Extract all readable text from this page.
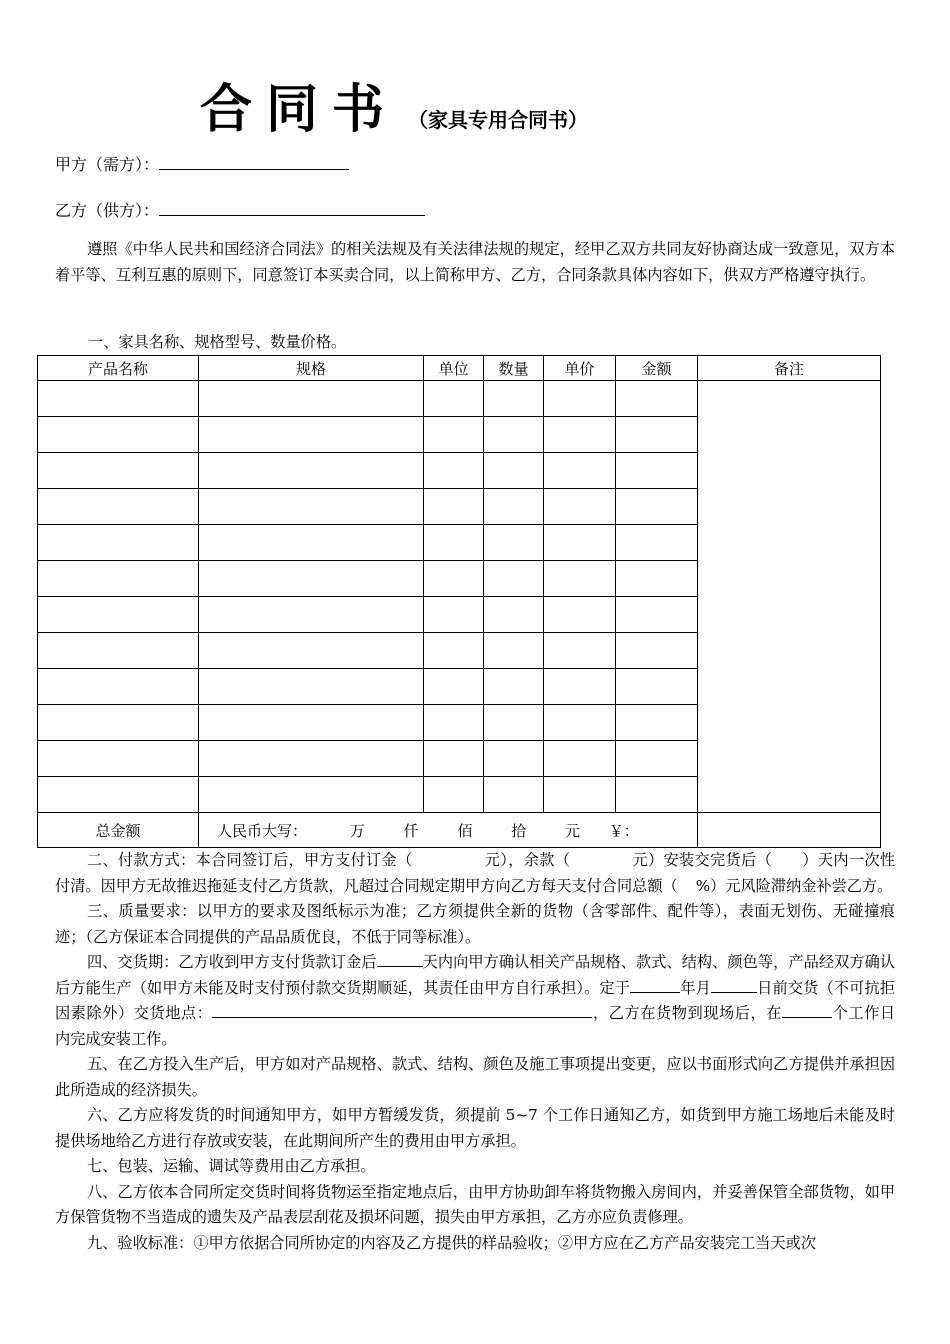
合同书 （家具专用合同书）
甲方（需方）：
乙方（供方）：
遵照《中华人民共和国经济合同法》的相关法规及有关法律法规的规定，经甲乙双方共同友好协商达成一致意见，双方本着平等、互利互惠的原则下，同意签订本买卖合同，以上简称甲方、乙方，合同条款具体内容如下，供双方严格遵守执行。
一、家具名称、规格型号、数量价格。
产品名称	规格	单位	数量	单价	金额	备注

总金额	人民币大写： 万 仟 佰 拾 元 ￥：					

二、付款方式：本合同签订后，甲方支付订金（	元），余款（	元）安装交完货后（ ）天内一次性付清。因甲方无故推迟拖延支付乙方货款，凡超过合同规定期甲方向乙方每天支付合同总额（ %）元风险滞纳金补尝乙方。

三、质量要求：以甲方的要求及图纸标示为准；乙方须提供全新的货物（含零部件、配件等），表面无划伤、无碰撞痕迹；（乙方保证本合同提供的产品品质优良，不低于同等标准）。

四、交货期：乙方收到甲方支付货款订金后	天内向甲方确认相关产品规格、款式、结构、颜色等，产品经双方确认后方能生产（如甲方未能及时支付预付款交货期顺延，其责任由甲方自行承担）。定于	年月	日前交货（不可抗拒因素除外）交货地点：	，乙方在货物到现场后，在	个工作日内完成安装工作。

五、在乙方投入生产后，甲方如对产品规格、款式、结构、颜色及施工事项提出变更，应以书面形式向乙方提供并承担因此所造成的经济损失。

六、乙方应将发货的时间通知甲方，如甲方暂缓发货，须提前 5~7 个工作日通知乙方，如货到甲方施工场地后未能及时提供场地给乙方进行存放或安装，在此期间所产生的费用由甲方承担。

七、包装、运输、调试等费用由乙方承担。

八、乙方依本合同所定交货时间将货物运至指定地点后，由甲方协助卸车将货物搬入房间内，并妥善保管全部货物，如甲方保管货物不当造成的遗失及产品表层刮花及损坏问题，损失由甲方承担，乙方亦应负责修理。

九、验收标准：①甲方依据合同所协定的内容及乙方提供的样品验收；②甲方应在乙方产品安装完工当天或次
